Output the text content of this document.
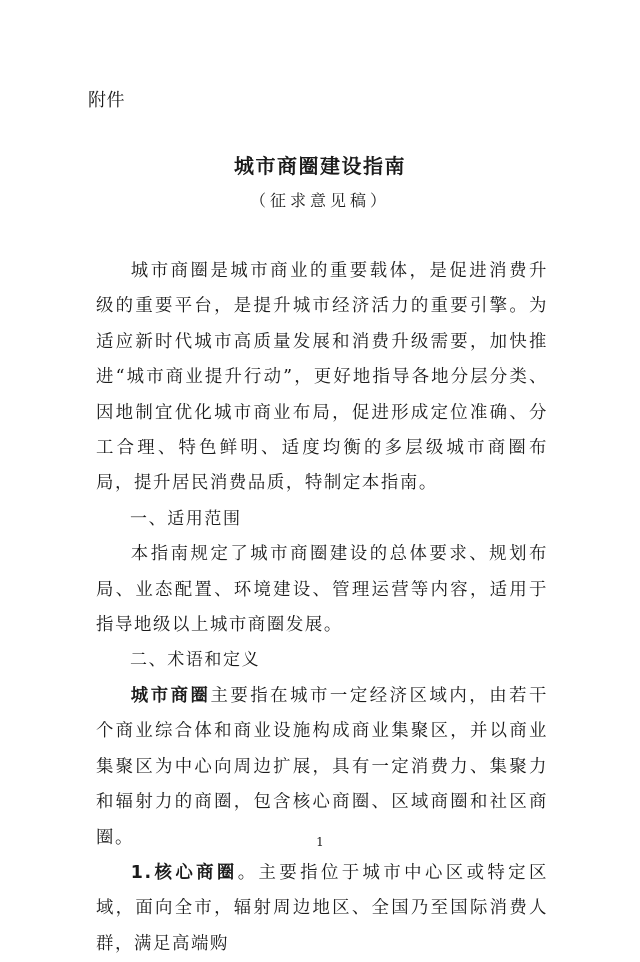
附件
城市商圈建设指南
（征求意见稿）

城市商圈是城市商业的重要载体，是促进消费升级的重要平台，是提升城市经济活力的重要引擎。为适应新时代城市高质量发展和消费升级需要，加快推进“城市商业提升行动”，更好地指导各地分层分类、因地制宜优化城市商业布局，促进形成定位准确、分工合理、特色鲜明、适度均衡的多层级城市商圈布局，提升居民消费品质，特制定本指南。

一、适用范围

本指南规定了城市商圈建设的总体要求、规划布局、业态配置、环境建设、管理运营等内容，适用于指导地级以上城市商圈发展。

二、术语和定义

城市商圈主要指在城市一定经济区域内，由若干个商业综合体和商业设施构成商业集聚区，并以商业集聚区为中心向周边扩展，具有一定消费力、集聚力和辐射力的商圈，包含核心商圈、区域商圈和社区商圈。

1.核心商圈。主要指位于城市中心区或特定区域，面向全市，辐射周边地区、全国乃至国际消费人群，满足高端购

1
